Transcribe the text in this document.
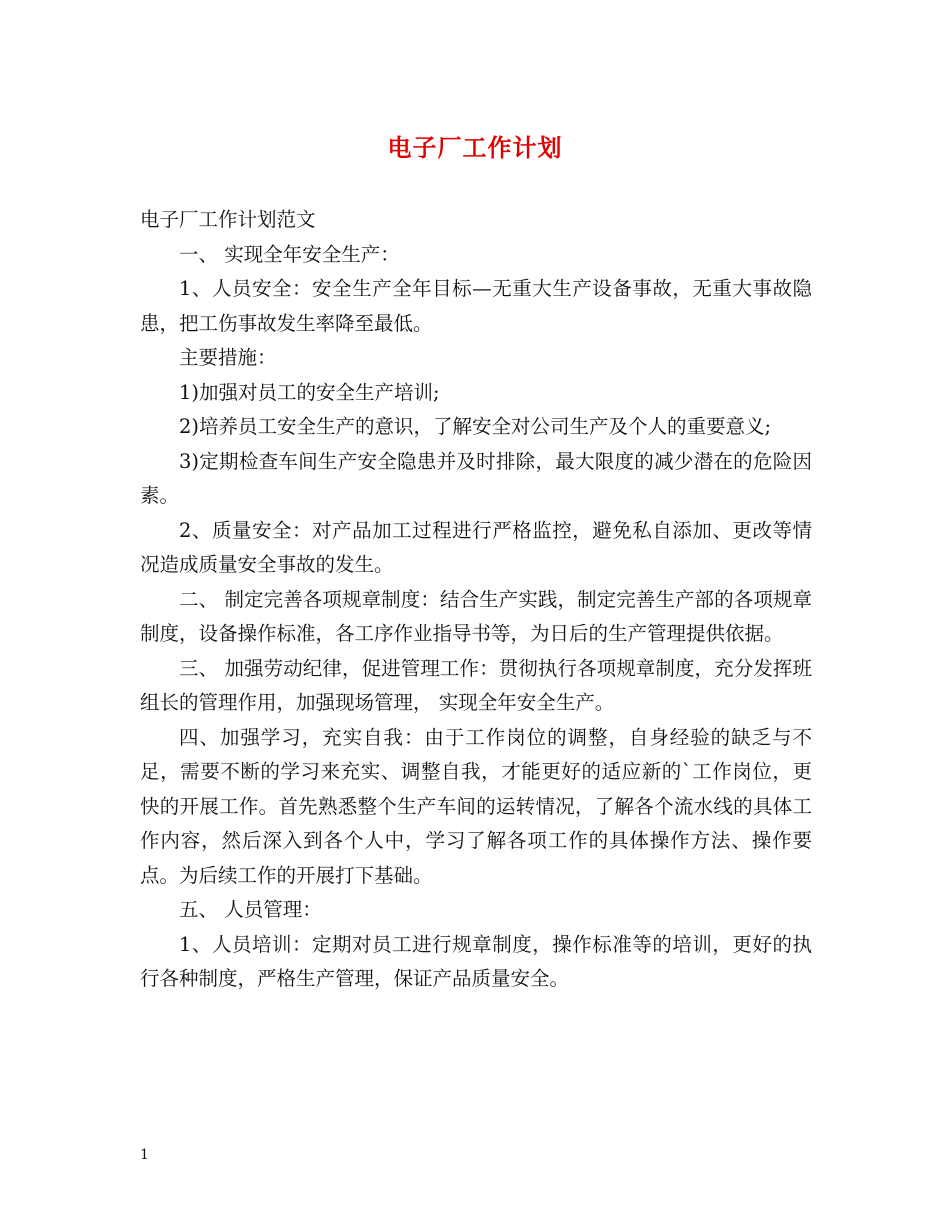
电子厂工作计划

电子厂工作计划范文

一、 实现全年安全生产：

1、人员安全：安全生产全年目标—无重大生产设备事故，无重大事故隐患，把工伤事故发生率降至最低。

主要措施：

1)加强对员工的安全生产培训;

2)培养员工安全生产的意识，了解安全对公司生产及个人的重要意义;

3)定期检查车间生产安全隐患并及时排除，最大限度的减少潜在的危险因素。

2、质量安全：对产品加工过程进行严格监控，避免私自添加、更改等情况造成质量安全事故的发生。

二、 制定完善各项规章制度：结合生产实践，制定完善生产部的各项规章制度，设备操作标准，各工序作业指导书等，为日后的生产管理提供依据。

三、 加强劳动纪律，促进管理工作：贯彻执行各项规章制度，充分发挥班组长的管理作用，加强现场管理， 实现全年安全生产。

四、加强学习，充实自我：由于工作岗位的调整，自身经验的缺乏与不足，需要不断的学习来充实、调整自我，才能更好的适应新的`工作岗位，更快的开展工作。首先熟悉整个生产车间的运转情况，了解各个流水线的具体工作内容，然后深入到各个人中，学习了解各项工作的具体操作方法、操作要点。为后续工作的开展打下基础。

五、 人员管理：

1、人员培训：定期对员工进行规章制度，操作标准等的培训，更好的执行各种制度，严格生产管理，保证产品质量安全。

1
